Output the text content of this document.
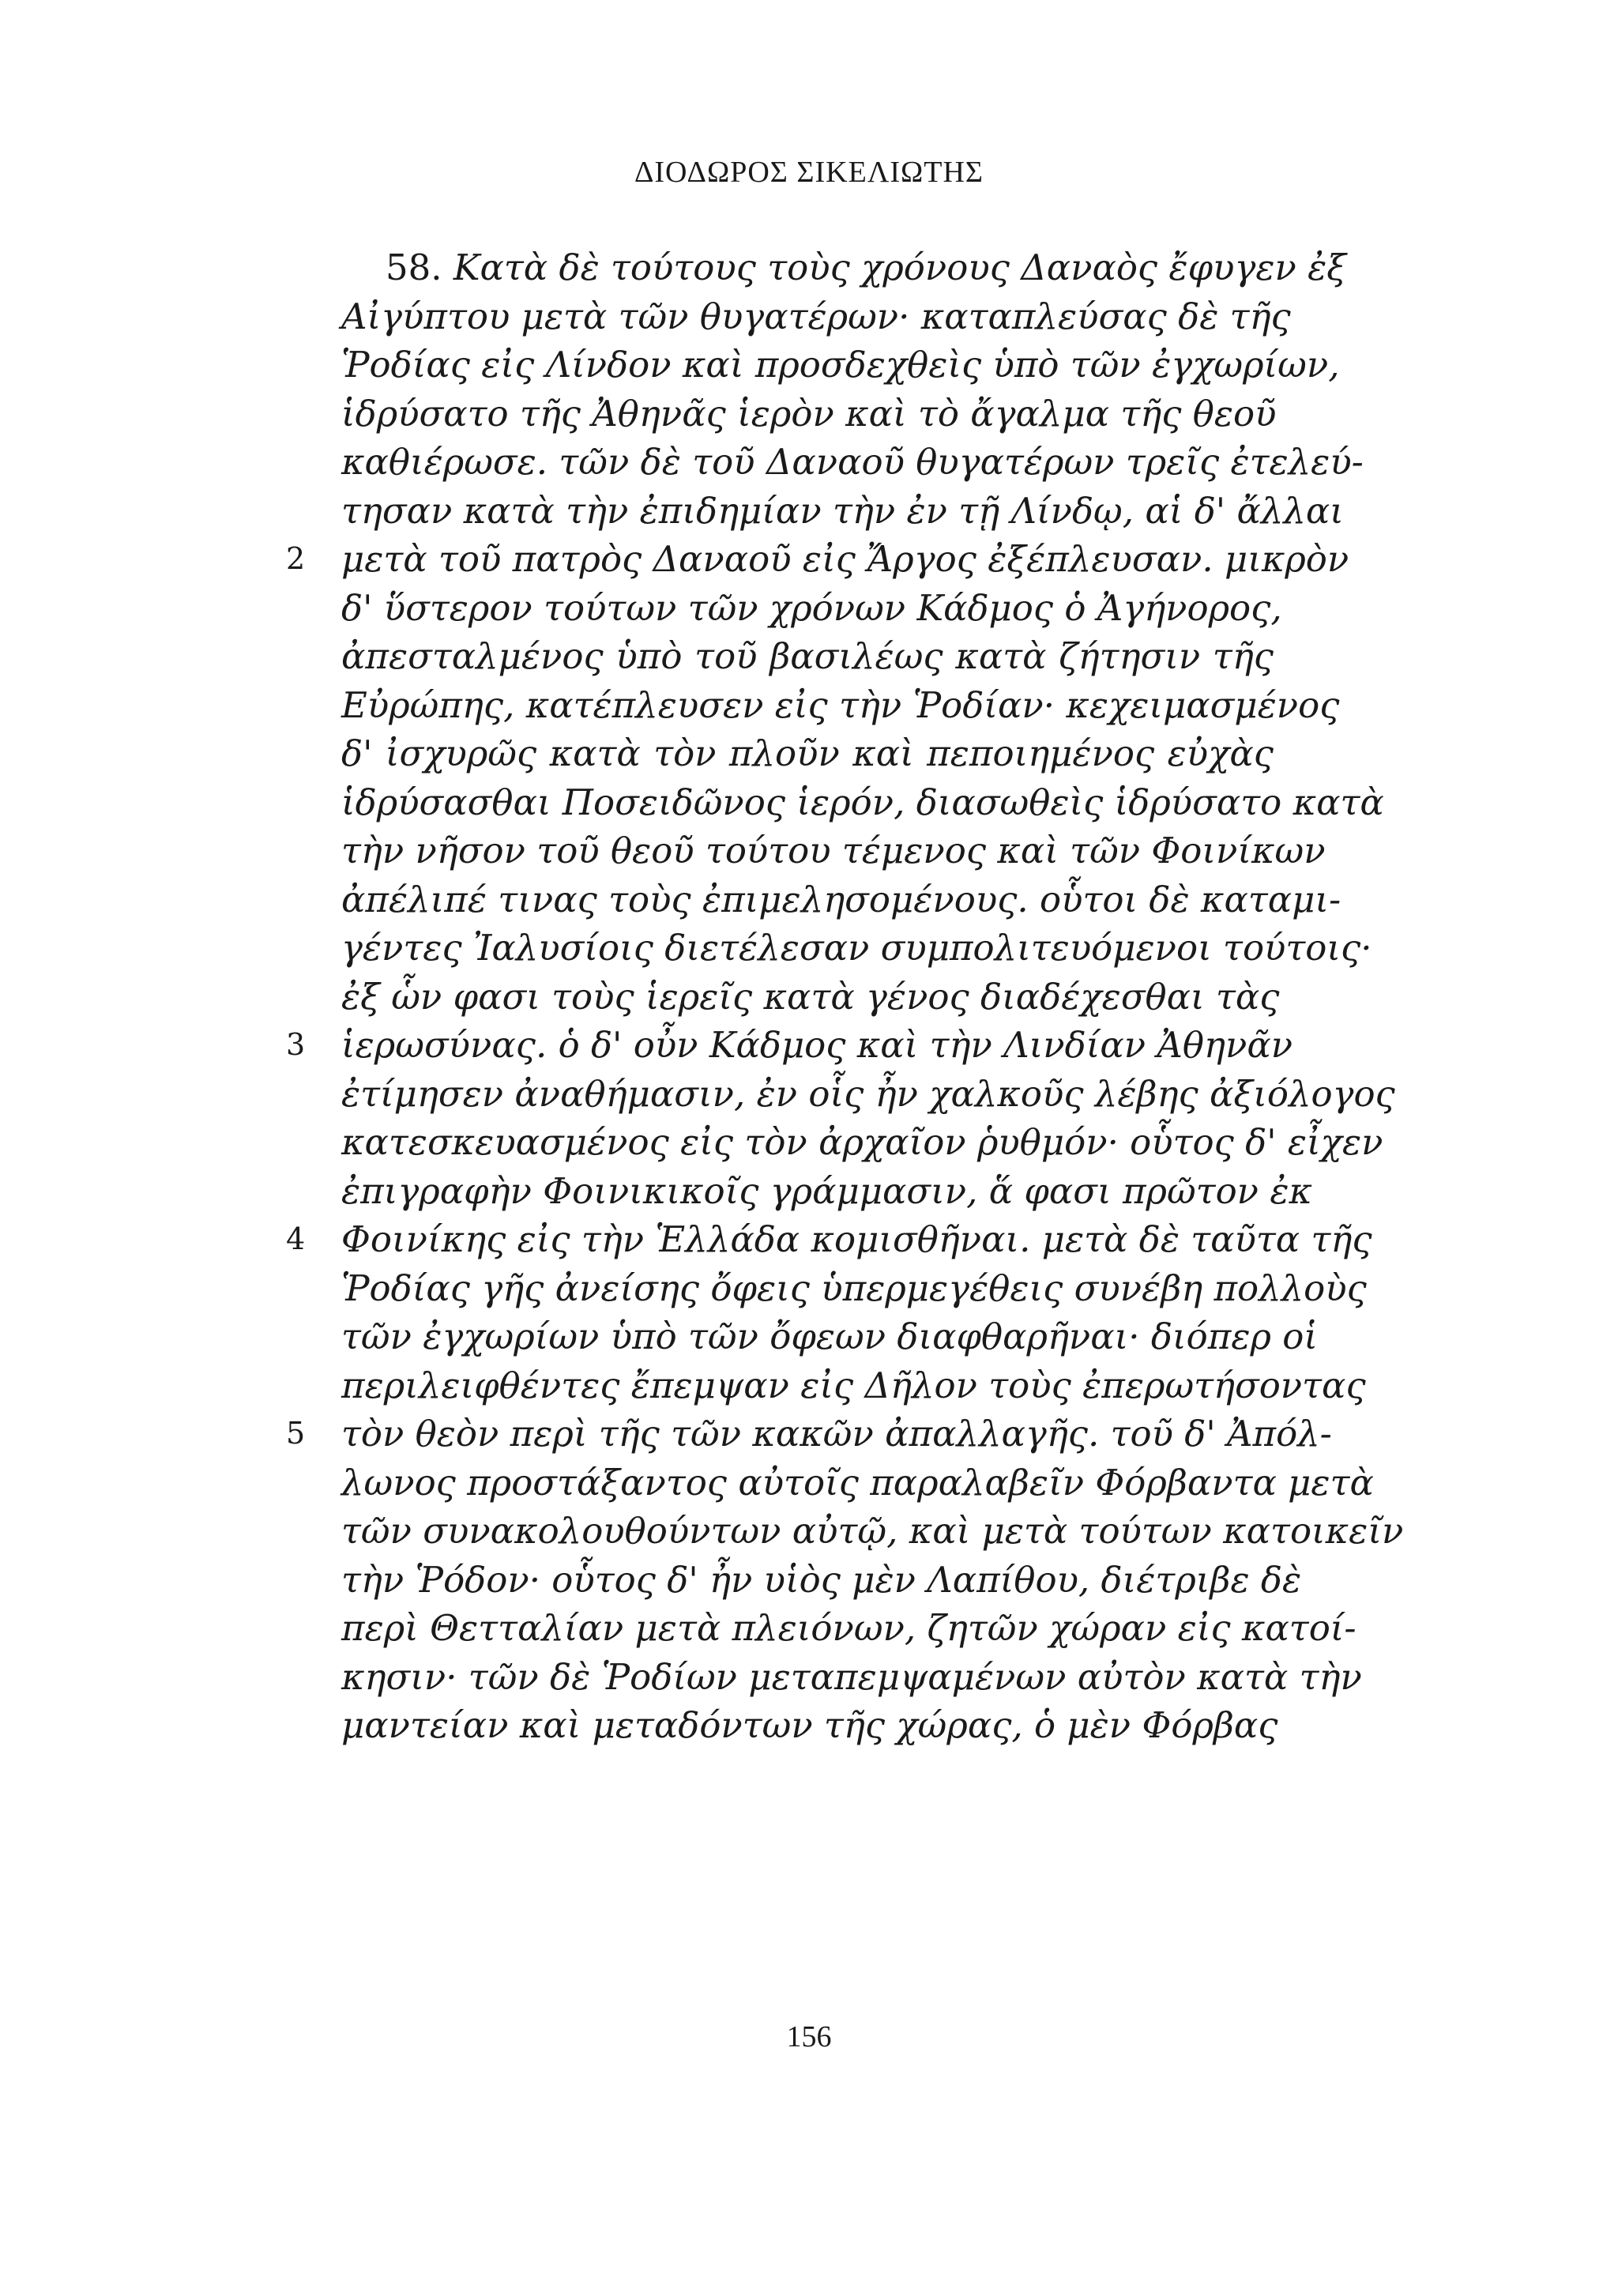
ΔΙΟΔΩΡΟΣ ΣΙΚΕΛΙΩΤΗΣ
58. Κατὰ δὲ τούτους τοὺς χρόνους Δαναὸς ἔφυγεν ἐξ
Αἰγύπτου μετὰ τῶν θυγατέρων· καταπλεύσας δὲ τῆς
Ῥοδίας εἰς Λίνδον καὶ προσδεχθεὶς ὑπὸ τῶν ἐγχωρίων,
ἱδρύσατο τῆς Ἀθηνᾶς ἱερὸν καὶ τὸ ἄγαλμα τῆς θεοῦ
καθιέρωσε. τῶν δὲ τοῦ Δαναοῦ θυγατέρων τρεῖς ἐτελεύ-
τησαν κατὰ τὴν ἐπιδημίαν τὴν ἐν τῇ Λίνδῳ, αἱ δ' ἄλλαι
2 μετὰ τοῦ πατρὸς Δαναοῦ εἰς Ἄργος ἐξέπλευσαν. μικρὸν
δ' ὕστερον τούτων τῶν χρόνων Κάδμος ὁ Ἀγήνορος,
ἀπεσταλμένος ὑπὸ τοῦ βασιλέως κατὰ ζήτησιν τῆς
Εὐρώπης, κατέπλευσεν εἰς τὴν Ῥοδίαν· κεχειμασμένος
δ' ἰσχυρῶς κατὰ τὸν πλοῦν καὶ πεποιημένος εὐχὰς
ἱδρύσασθαι Ποσειδῶνος ἱερόν, διασωθεὶς ἱδρύσατο κατὰ
τὴν νῆσον τοῦ θεοῦ τούτου τέμενος καὶ τῶν Φοινίκων
ἀπέλιπέ τινας τοὺς ἐπιμελησομένους. οὗτοι δὲ καταμι-
γέντες Ἰαλυσίοις διετέλεσαν συμπολιτευόμενοι τούτοις·
ἐξ ὧν φασι τοὺς ἱερεῖς κατὰ γένος διαδέχεσθαι τὰς
3 ἱερωσύνας. ὁ δ' οὖν Κάδμος καὶ τὴν Λινδίαν Ἀθηνᾶν
ἐτίμησεν ἀναθήμασιν, ἐν οἷς ἦν χαλκοῦς λέβης ἀξιόλογος
κατεσκευασμένος εἰς τὸν ἀρχαῖον ῥυθμόν· οὗτος δ' εἶχεν
ἐπιγραφὴν Φοινικικοῖς γράμμασιν, ἅ φασι πρῶτον ἐκ
4 Φοινίκης εἰς τὴν Ἑλλάδα κομισθῆναι. μετὰ δὲ ταῦτα τῆς
Ῥοδίας γῆς ἀνείσης ὄφεις ὑπερμεγέθεις συνέβη πολλοὺς
τῶν ἐγχωρίων ὑπὸ τῶν ὄφεων διαφθαρῆναι· διόπερ οἱ
περιλειφθέντες ἔπεμψαν εἰς Δῆλον τοὺς ἐπερωτήσοντας
5 τὸν θεὸν περὶ τῆς τῶν κακῶν ἀπαλλαγῆς. τοῦ δ' Ἀπόλ-
λωνος προστάξαντος αὐτοῖς παραλαβεῖν Φόρβαντα μετὰ
τῶν συνακολουθούντων αὐτῷ, καὶ μετὰ τούτων κατοικεῖν
τὴν Ῥόδον· οὗτος δ' ἦν υἱὸς μὲν Λαπίθου, διέτριβε δὲ
περὶ Θετταλίαν μετὰ πλειόνων, ζητῶν χώραν εἰς κατοί-
κησιν· τῶν δὲ Ῥοδίων μεταπεμψαμένων αὐτὸν κατὰ τὴν
μαντείαν καὶ μεταδόντων τῆς χώρας, ὁ μὲν Φόρβας
156
